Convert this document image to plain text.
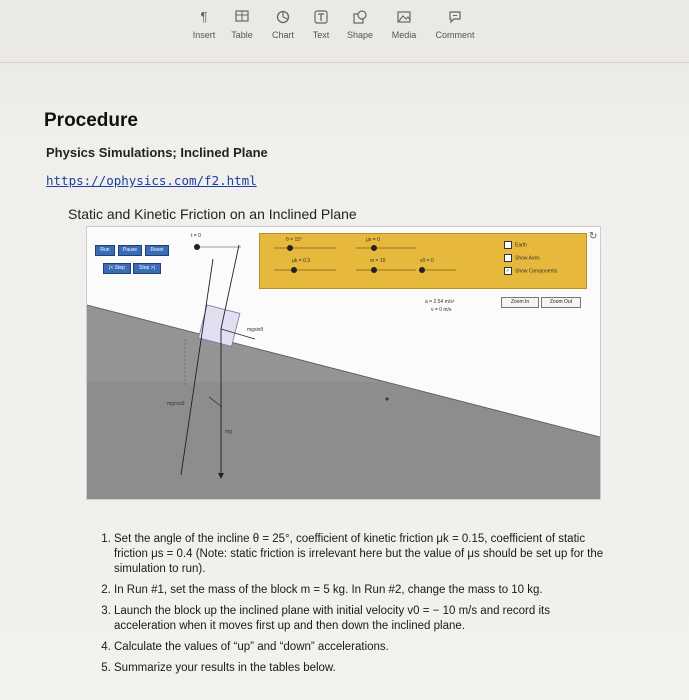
¶
Insert	Table	Chart	Text	Shape	Media	Comment
Procedure
Physics Simulations; Inclined Plane
https://ophysics.com/f2.html
Static and Kinetic Friction on an Inclined Plane
Run	Pause	Reset
|< Step	Step >|
t = 0
θ = 15°	μs = 0
μk = 0.3	m = 10	v0 = 0
Earth
Show Axes
✓ Show Components
↻
a = 2.54 m/s²
v = 0 m/s
Zoom In	Zoom Out
mgsinθ
mgcosθ
mg
1. Set the angle of the incline θ = 25°, coefficient of kinetic friction μk = 0.15, coefficient of static friction μs = 0.4 (Note: static friction is irrelevant here but the value of μs should be set up for the simulation to run).
2. In Run #1, set the mass of the block m = 5 kg. In Run #2, change the mass to 10 kg.
3. Launch the block up the inclined plane with initial velocity v0 = − 10 m/s and record its acceleration when it moves first up and then down the inclined plane.
4. Calculate the values of “up” and “down” accelerations.
5. Summarize your results in the tables below.
